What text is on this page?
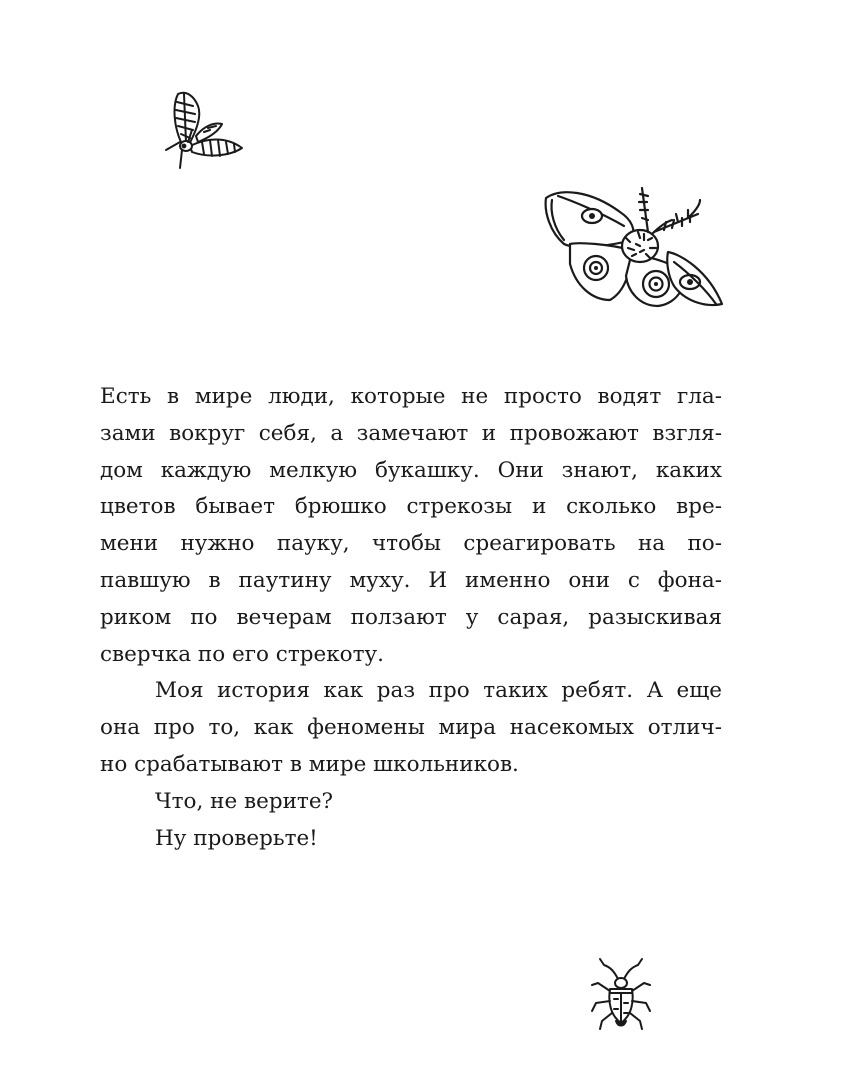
Есть в мире люди, которые не просто водят гла-
зами вокруг себя, а замечают и провожают взгля-
дом каждую мелкую букашку. Они знают, каких
цветов бывает брюшко стрекозы и сколько вре-
мени нужно пауку, чтобы среагировать на по-
павшую в паутину муху. И именно они с фона-
риком по вечерам ползают у сарая, разыскивая
сверчка по его стрекоту.
Моя история как раз про таких ребят. А еще
она про то, как феномены мира насекомых отлич-
но срабатывают в мире школьников.
Что, не верите?
Ну проверьте!
